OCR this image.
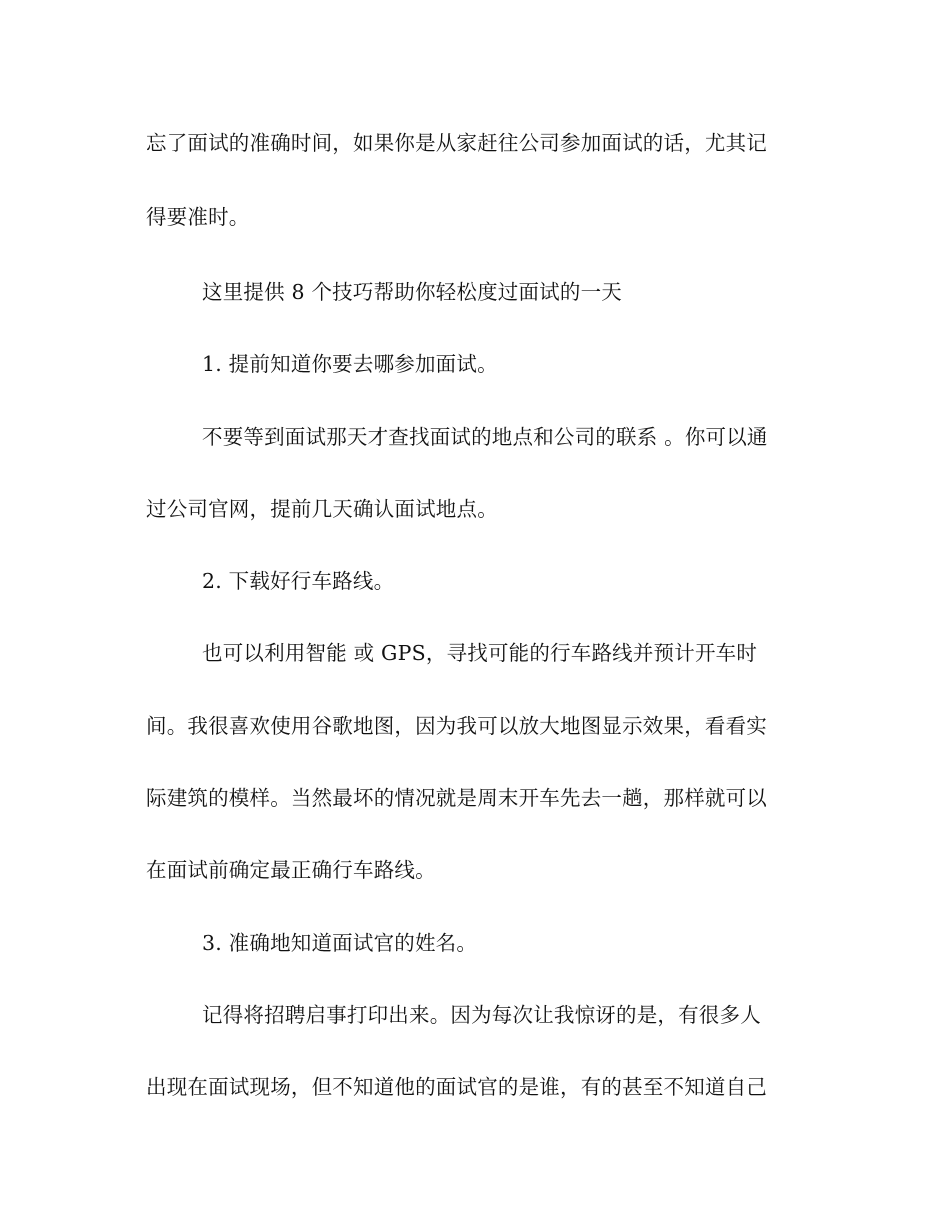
忘了面试的准确时间，如果你是从家赶往公司参加面试的话，尤其记
得要准时。
这里提供 8 个技巧帮助你轻松度过面试的一天
1. 提前知道你要去哪参加面试。
不要等到面试那天才查找面试的地点和公司的联系 。你可以通
过公司官网，提前几天确认面试地点。
2. 下载好行车路线。
也可以利用智能 或 GPS，寻找可能的行车路线并预计开车时
间。我很喜欢使用谷歌地图，因为我可以放大地图显示效果，看看实
际建筑的模样。当然最坏的情况就是周末开车先去一趟，那样就可以
在面试前确定最正确行车路线。
3. 准确地知道面试官的姓名。
记得将招聘启事打印出来。因为每次让我惊讶的是，有很多人
出现在面试现场，但不知道他的面试官的是谁，有的甚至不知道自己
